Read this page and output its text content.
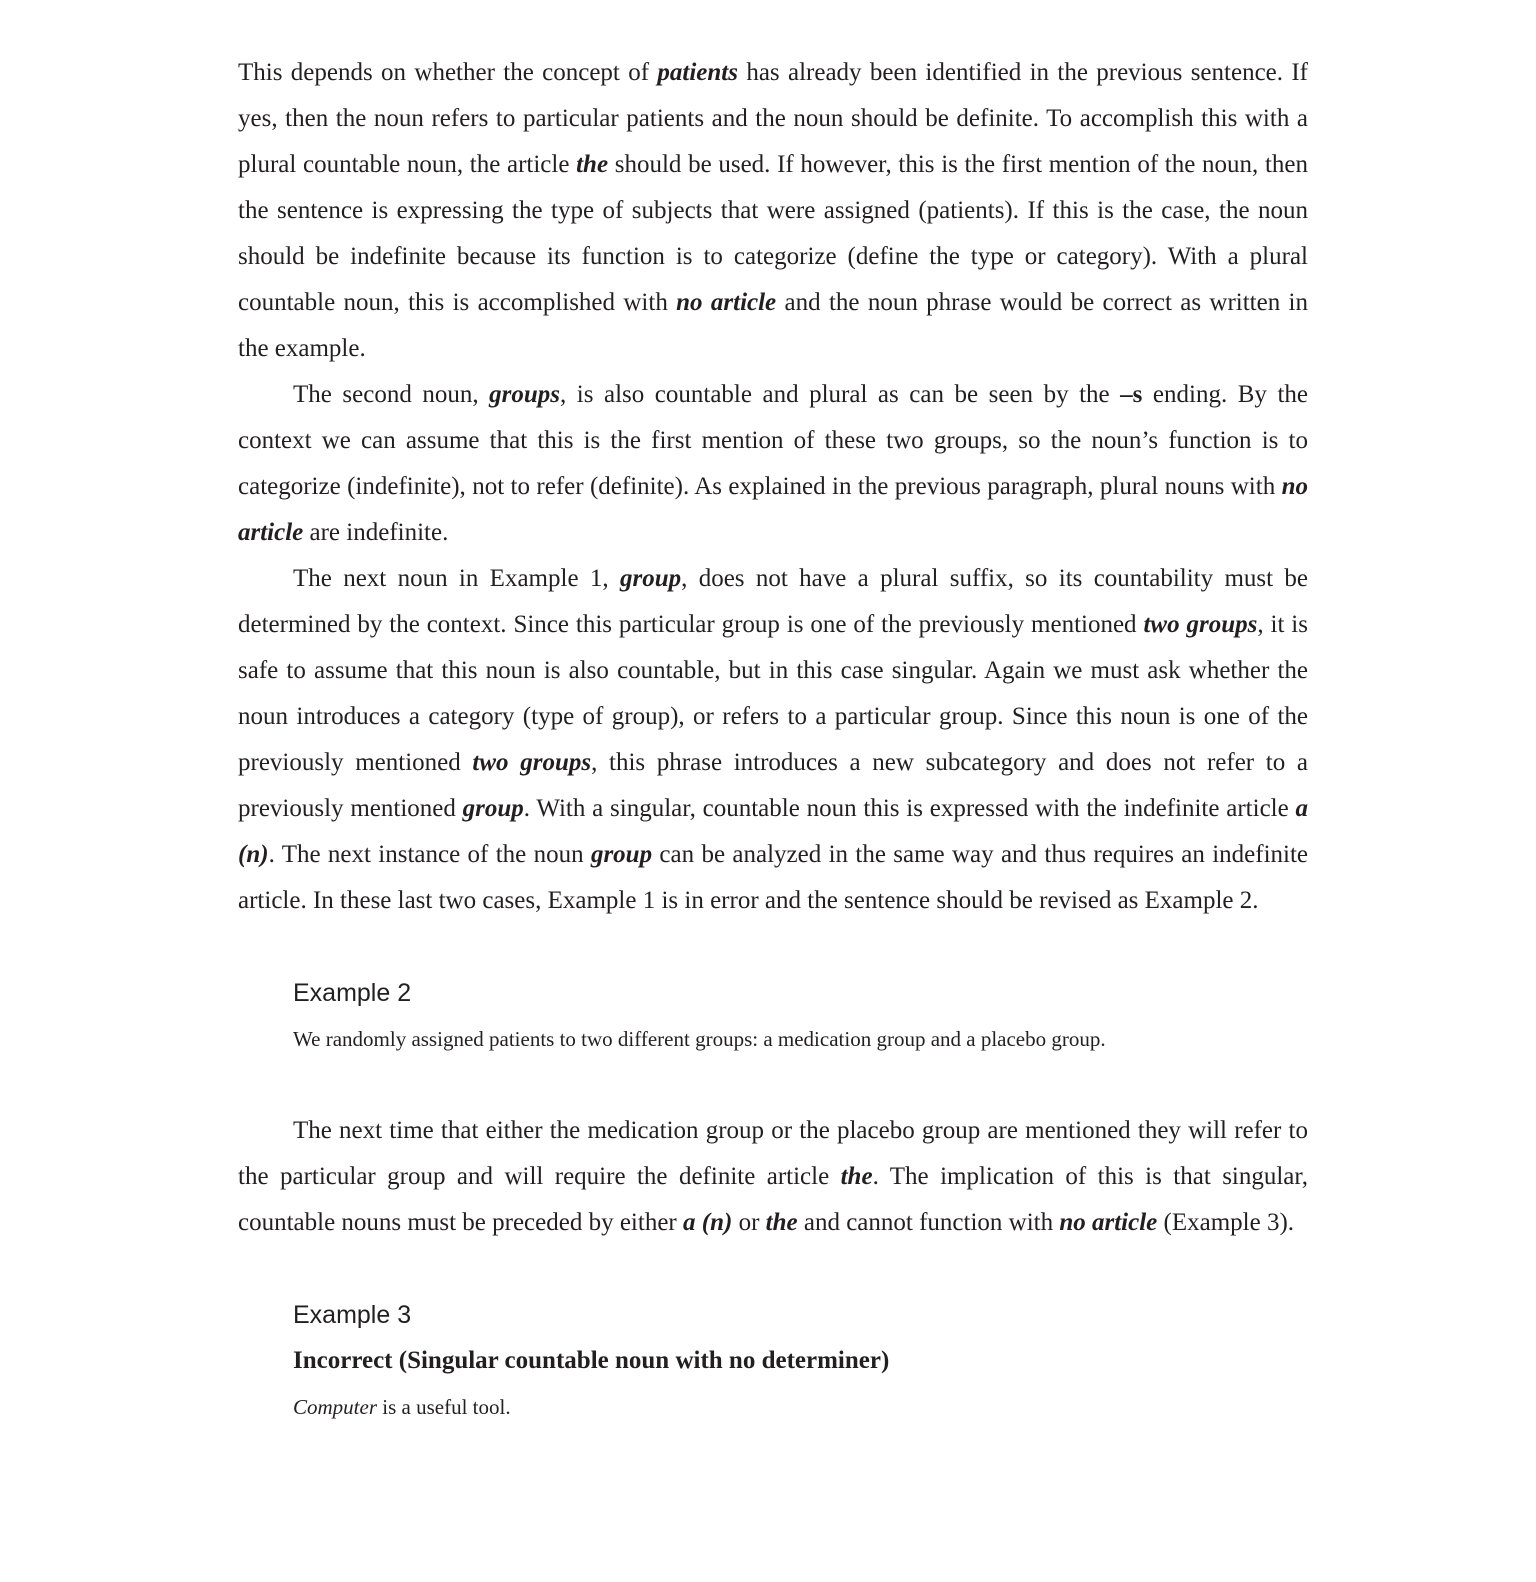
This depends on whether the concept of patients has already been identified in the previous sentence. If yes, then the noun refers to particular patients and the noun should be definite. To accomplish this with a plural countable noun, the article the should be used. If however, this is the first mention of the noun, then the sentence is expressing the type of subjects that were assigned (patients). If this is the case, the noun should be indefinite because its function is to categorize (define the type or category). With a plural countable noun, this is accomplished with no article and the noun phrase would be correct as written in the example.

The second noun, groups, is also countable and plural as can be seen by the –s ending. By the context we can assume that this is the first mention of these two groups, so the noun’s function is to categorize (indefinite), not to refer (definite). As explained in the previous paragraph, plural nouns with no article are indefinite.

The next noun in Example 1, group, does not have a plural suffix, so its countability must be determined by the context. Since this particular group is one of the previously mentioned two groups, it is safe to assume that this noun is also countable, but in this case singular. Again we must ask whether the noun introduces a category (type of group), or refers to a particular group. Since this noun is one of the previously mentioned two groups, this phrase introduces a new subcategory and does not refer to a previously mentioned group. With a singular, countable noun this is expressed with the indefinite article a (n). The next instance of the noun group can be analyzed in the same way and thus requires an indefinite article. In these last two cases, Example 1 is in error and the sentence should be revised as Example 2.

Example 2

We randomly assigned patients to two different groups: a medication group and a placebo group.

The next time that either the medication group or the placebo group are mentioned they will refer to the particular group and will require the definite article the. The implication of this is that singular, countable nouns must be preceded by either a (n) or the and cannot function with no article (Example 3).

Example 3

Incorrect (Singular countable noun with no determiner)

Computer is a useful tool.
